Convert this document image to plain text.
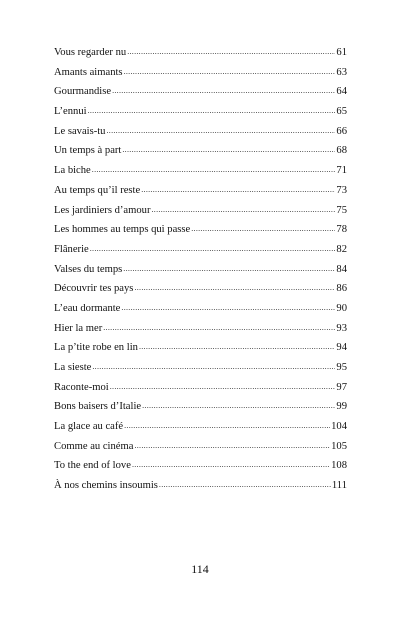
Vous regarder nu .....	61
Amants aimants .....	63
Gourmandise .....	64
L’ennui .....	65
Le savais-tu .....	66
Un temps à part .....	68
La biche .....	71
Au temps qu’il reste .....	73
Les jardiniers d’amour .....	75
Les hommes au temps qui passe .....	78
Flânerie .....	82
Valses du temps .....	84
Découvrir tes pays .....	86
L’eau dormante .....	90
Hier la mer .....	93
La p’tite robe en lin .....	94
La sieste .....	95
Raconte-moi .....	97
Bons baisers d’Italie .....	99
La glace au café .....	104
Comme au cinéma .....	105
To the end of love .....	108
À nos chemins insoumis .....	111
114
